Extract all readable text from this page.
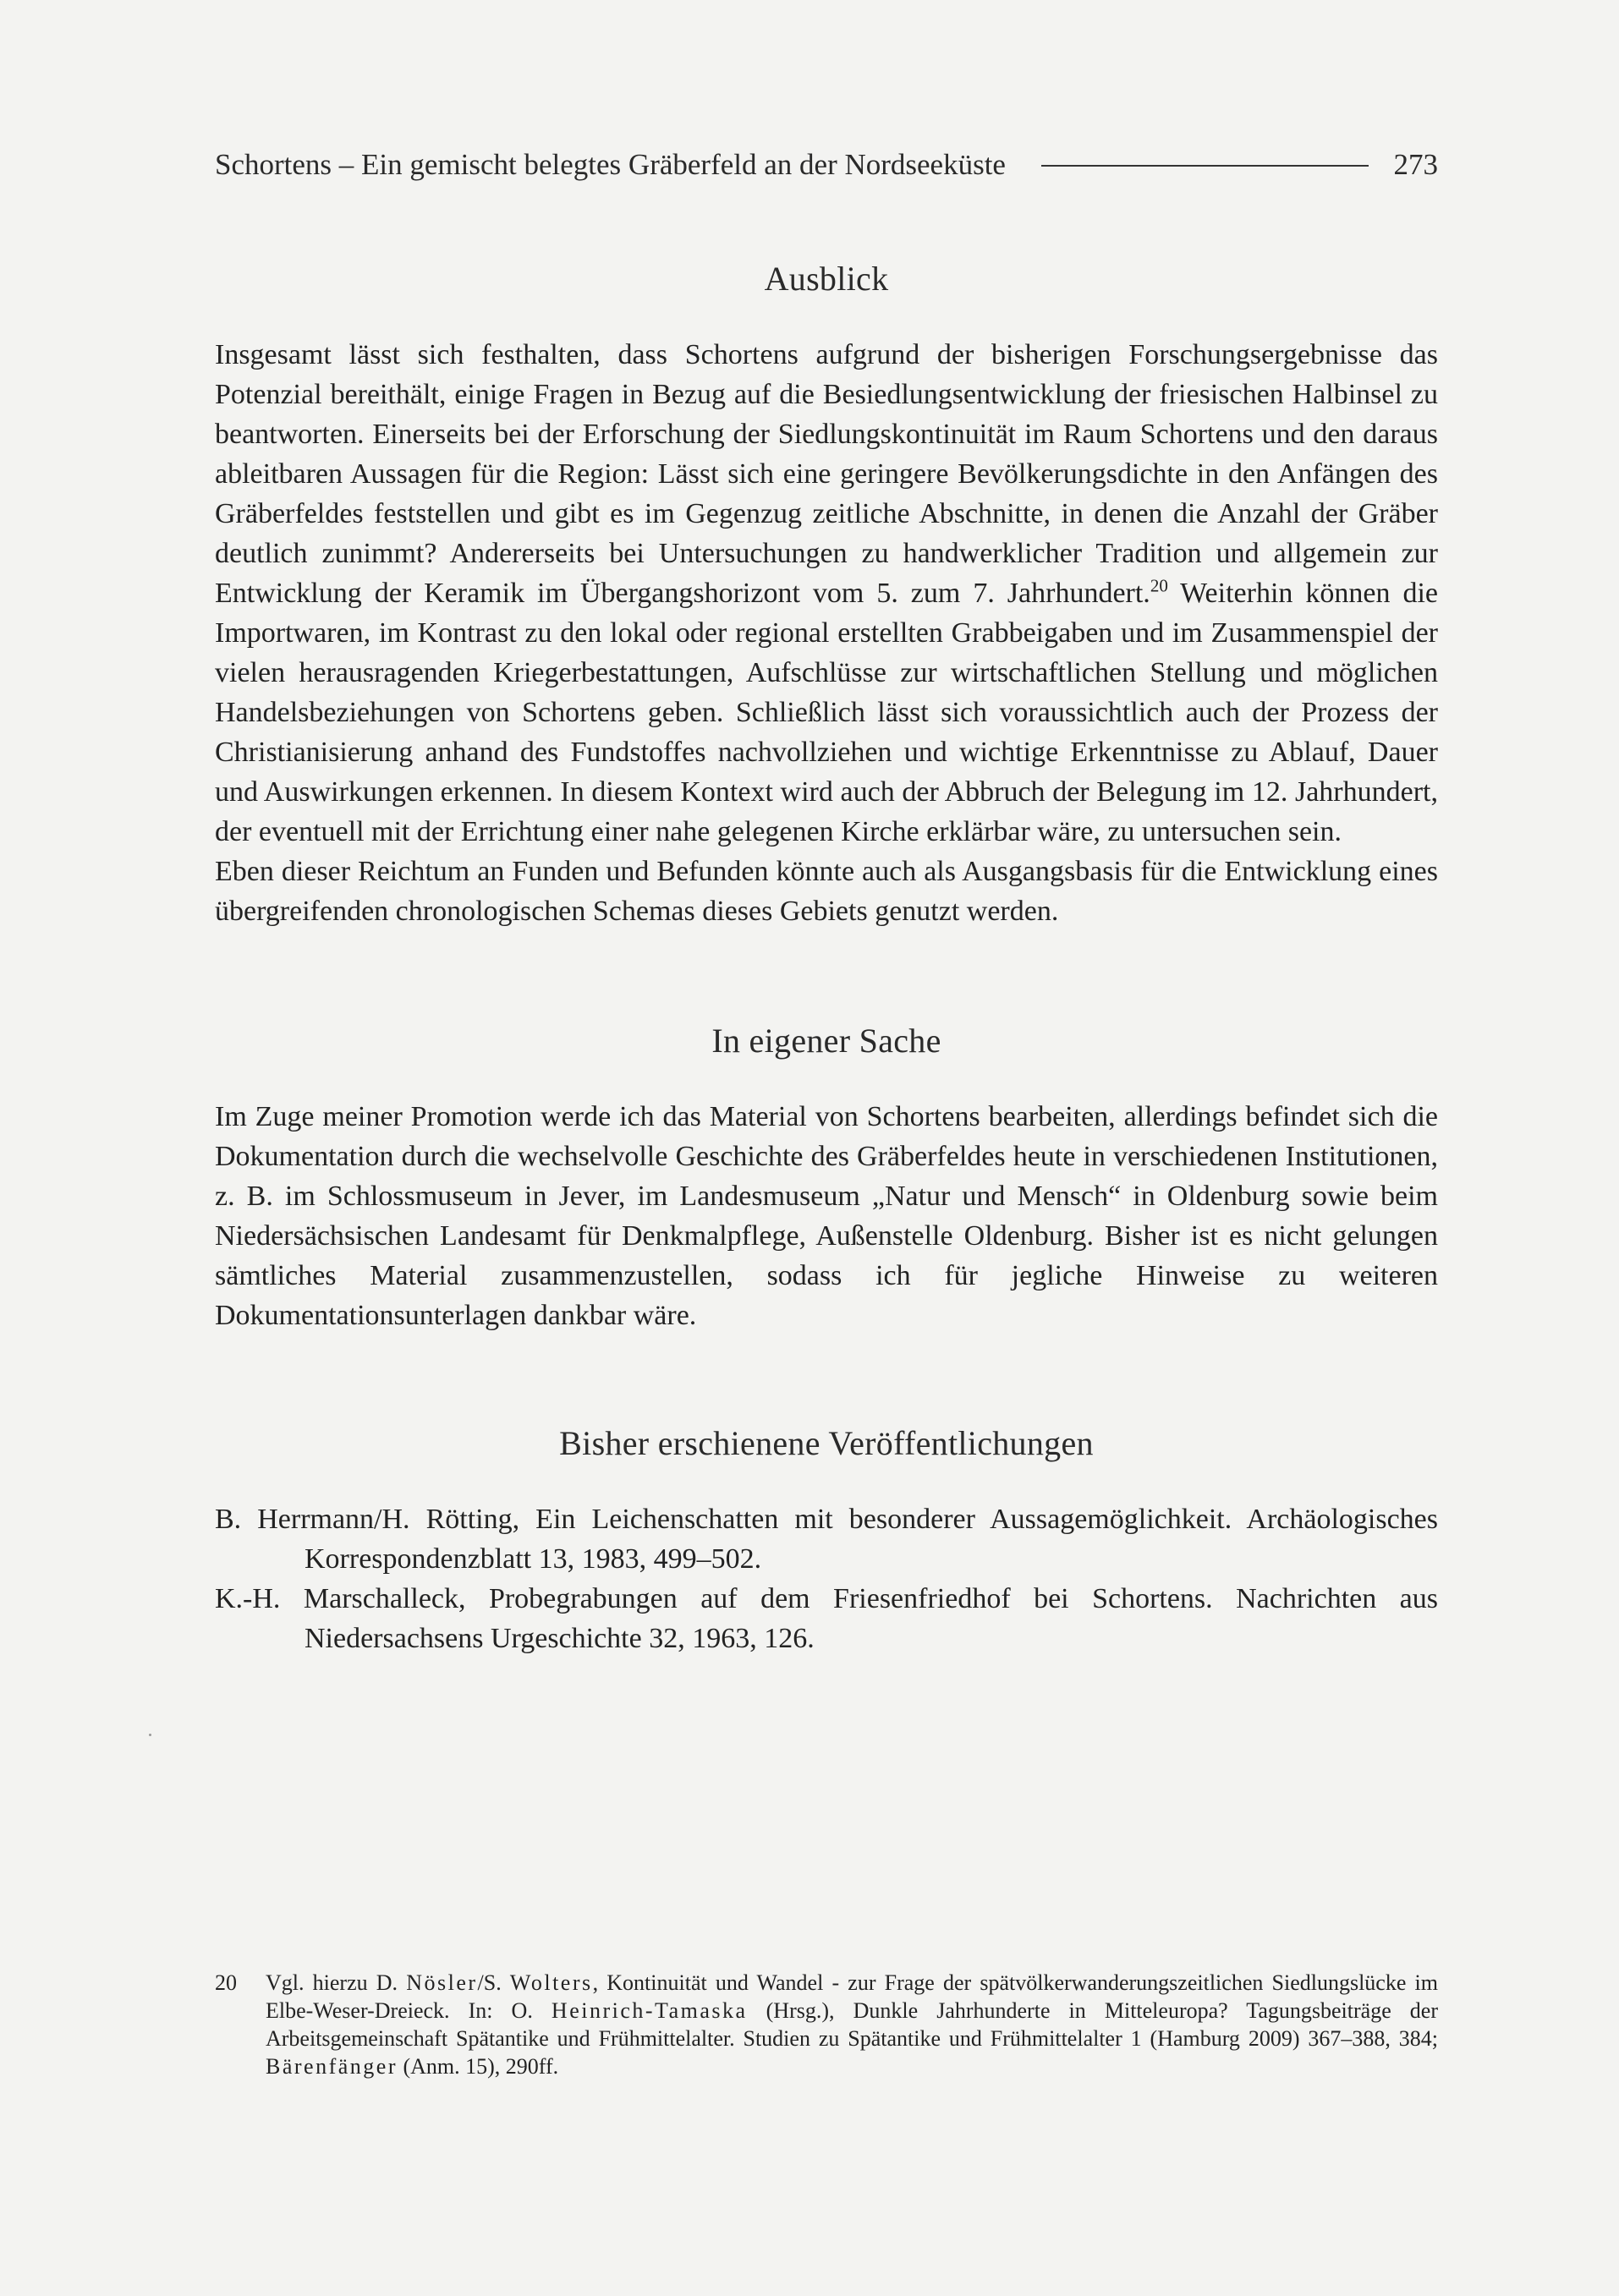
Schortens – Ein gemischt belegtes Gräberfeld an der Nordseeküste	273
Ausblick

Insgesamt lässt sich festhalten, dass Schortens aufgrund der bisherigen Forschungsergebnisse das Potenzial bereithält, einige Fragen in Bezug auf die Besiedlungsentwicklung der friesischen Halbinsel zu beantworten. Einerseits bei der Erforschung der Siedlungskontinuität im Raum Schortens und den daraus ableitbaren Aussagen für die Region: Lässt sich eine geringere Bevölkerungsdichte in den Anfängen des Gräberfeldes feststellen und gibt es im Gegenzug zeitliche Abschnitte, in denen die Anzahl der Gräber deutlich zunimmt? Andererseits bei Untersuchungen zu handwerklicher Tradition und allgemein zur Entwicklung der Keramik im Übergangshorizont vom 5. zum 7. Jahrhundert.$^{20}$ Weiterhin können die Importwaren, im Kontrast zu den lokal oder regional erstellten Grabbeigaben und im Zusammenspiel der vielen herausragenden Kriegerbestattungen, Aufschlüsse zur wirtschaftlichen Stellung und möglichen Handelsbeziehungen von Schortens geben. Schließlich lässt sich voraussichtlich auch der Prozess der Christianisierung anhand des Fundstoffes nachvollziehen und wichtige Erkenntnisse zu Ablauf, Dauer und Auswirkungen erkennen. In diesem Kontext wird auch der Abbruch der Belegung im 12. Jahrhundert, der eventuell mit der Errichtung einer nahe gelegenen Kirche erklärbar wäre, zu untersuchen sein.

Eben dieser Reichtum an Funden und Befunden könnte auch als Ausgangsbasis für die Entwicklung eines übergreifenden chronologischen Schemas dieses Gebiets genutzt werden.

In eigener Sache

Im Zuge meiner Promotion werde ich das Material von Schortens bearbeiten, allerdings befindet sich die Dokumentation durch die wechselvolle Geschichte des Gräberfeldes heute in verschiedenen Institutionen, z. B. im Schlossmuseum in Jever, im Landesmuseum „Natur und Mensch“ in Oldenburg sowie beim Niedersächsischen Landesamt für Denkmalpflege, Außenstelle Oldenburg. Bisher ist es nicht gelungen sämtliches Material zusammenzustellen, sodass ich für jegliche Hinweise zu weiteren Dokumentationsunterlagen dankbar wäre.

Bisher erschienene Veröffentlichungen

B. Herrmann/H. Rötting, Ein Leichenschatten mit besonderer Aussagemöglichkeit. Archäologisches Korrespondenzblatt 13, 1983, 499–502.

K.-H. Marschalleck, Probegrabungen auf dem Friesenfriedhof bei Schortens. Nachrichten aus Niedersachsens Urgeschichte 32, 1963, 126.

20	Vgl. hierzu D. Nösler/S. Wolters, Kontinuität und Wandel - zur Frage der spätvölkerwanderungszeitlichen Siedlungslücke im Elbe-Weser-Dreieck. In: O. Heinrich-Tamaska (Hrsg.), Dunkle Jahrhunderte in Mitteleuropa? Tagungsbeiträge der Arbeitsgemeinschaft Spätantike und Frühmittelalter. Studien zu Spätantike und Frühmittelalter 1 (Hamburg 2009) 367–388, 384; Bärenfänger (Anm. 15), 290ff.
